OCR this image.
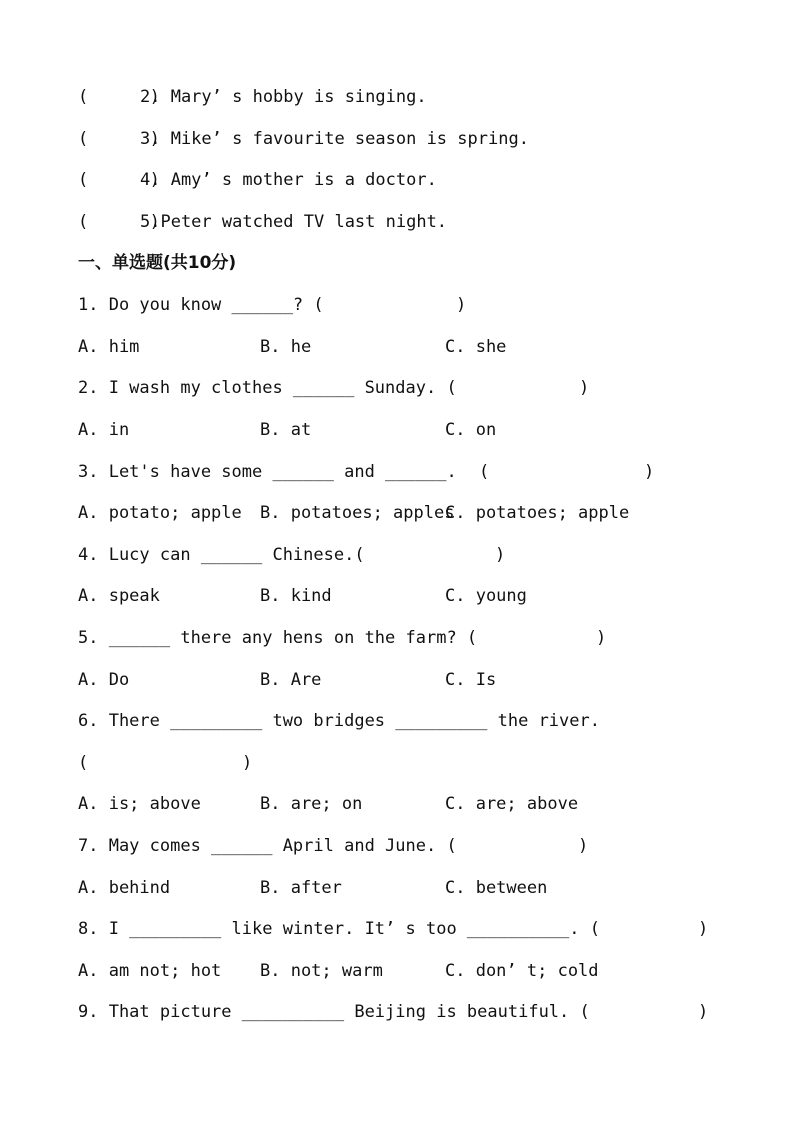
(      )

2. Mary’ s hobby is singing.

(      )

3. Mike’ s favourite season is spring.

(      )

4. Amy’ s mother is a doctor.

(      )

5.Peter watched TV last night.

一、单选题(共10分)

1. Do you know ______? (

	)

A. him

	B. he

	C. she

2. I wash my clothes ______ Sunday. (

	)

A. in

	B. at

	C. on

3. Let's have some ______ and ______.

(

	)

A. potato; apple

B. potatoes; apples

C. potatoes; apple

4. Lucy can ______ Chinese.(

	)

A. speak

	B. kind

	C. young

5. ______ there any hens on the farm? (

	)

A. Do

	B. Are

	C. Is

6. There _________ two bridges _________ the river.

(

	)

A. is; above

	B. are; on

	C. are; above

7. May comes ______ April and June. (

	)

A. behind

	B. after

	C. between

8. I _________ like winter. It’ s too __________. (

	)

A. am not; hot

B. not; warm

	C. don’ t; cold

9. That picture __________ Beijing is beautiful. (

	)
